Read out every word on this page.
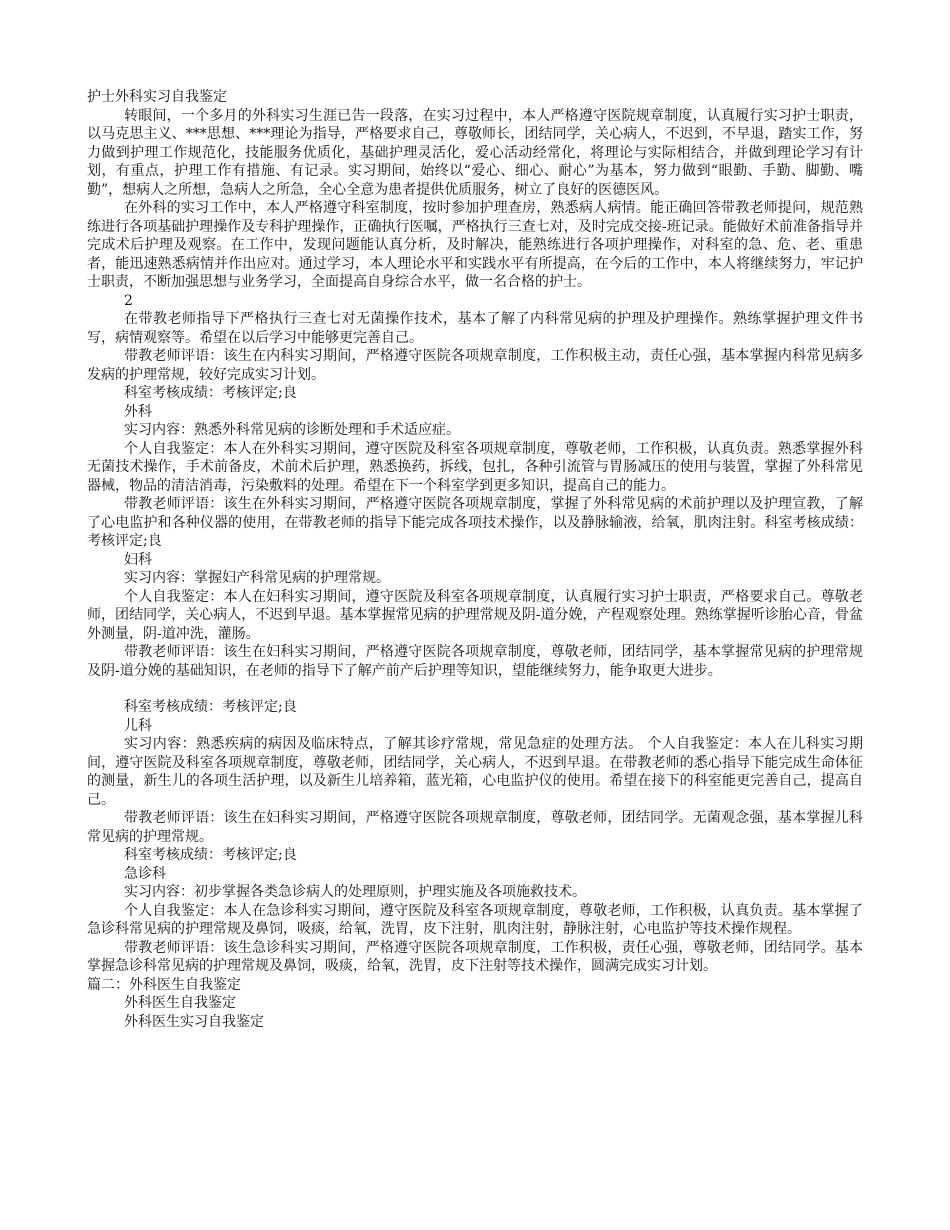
护士外科实习自我鉴定

转眼间，一个多月的外科实习生涯已告一段落，在实习过程中，本人严格遵守医院规章制度，认真履行实习护士职责，以马克思主义、***思想、***理论为指导，严格要求自己，尊敬师长，团结同学，关心病人，不迟到，不早退，踏实工作，努力做到护理工作规范化，技能服务优质化，基础护理灵活化，爱心活动经常化，将理论与实际相结合，并做到理论学习有计划，有重点，护理工作有措施、有记录。实习期间，始终以“爱心、细心、耐心”为基本，努力做到“眼勤、手勤、脚勤、嘴勤”，想病人之所想，急病人之所急，全心全意为患者提供优质服务，树立了良好的医德医风。

在外科的实习工作中，本人严格遵守科室制度，按时参加护理查房，熟悉病人病情。能正确回答带教老师提问，规范熟练进行各项基础护理操作及专科护理操作，正确执行医嘱，严格执行三查七对，及时完成交接-班记录。能做好术前准备指导并完成术后护理及观察。在工作中，发现问题能认真分析，及时解决，能熟练进行各项护理操作，对科室的急、危、老、重患者，能迅速熟悉病情并作出应对。通过学习，本人理论水平和实践水平有所提高，在今后的工作中，本人将继续努力，牢记护士职责，不断加强思想与业务学习，全面提高自身综合水平，做一名合格的护士。

2

在带教老师指导下严格执行三查七对无菌操作技术，基本了解了内科常见病的护理及护理操作。熟练掌握护理文件书写，病情观察等。希望在以后学习中能够更完善自己。

带教老师评语：该生在内科实习期间，严格遵守医院各项规章制度，工作积极主动，责任心强，基本掌握内科常见病多发病的护理常规，较好完成实习计划。

科室考核成绩：考核评定;良

外科

实习内容：熟悉外科常见病的诊断处理和手术适应症。

个人自我鉴定：本人在外科实习期间，遵守医院及科室各项规章制度，尊敬老师，工作积极，认真负责。熟悉掌握外科无菌技术操作，手术前备皮，术前术后护理，熟悉换药，拆线，包扎，各种引流管与胃肠减压的使用与装置，掌握了外科常见器械，物品的清洁消毒，污染敷料的处理。希望在下一个科室学到更多知识，提高自己的能力。

带教老师评语：该生在外科实习期间，严格遵守医院各项规章制度，掌握了外科常见病的术前护理以及护理宣教，了解了心电监护和各种仪器的使用，在带教老师的指导下能完成各项技术操作，以及静脉输液，给氧，肌肉注射。科室考核成绩：考核评定;良

妇科

实习内容：掌握妇产科常见病的护理常规。

个人自我鉴定：本人在妇科实习期间，遵守医院及科室各项规章制度，认真履行实习护士职责，严格要求自己。尊敬老师，团结同学，关心病人，不迟到早退。基本掌握常见病的护理常规及阴-道分娩，产程观察处理。熟练掌握听诊胎心音，骨盆外测量，阴-道冲洗，灌肠。

带教老师评语：该生在妇科实习期间，严格遵守医院各项规章制度，尊敬老师，团结同学，基本掌握常见病的护理常规及阴-道分娩的基础知识，在老师的指导下了解产前产后护理等知识，望能继续努力，能争取更大进步。

科室考核成绩：考核评定;良

儿科

实习内容：熟悉疾病的病因及临床特点，了解其诊疗常规，常见急症的处理方法。 个人自我鉴定：本人在儿科实习期间，遵守医院及科室各项规章制度，尊敬老师，团结同学，关心病人，不迟到早退。在带教老师的悉心指导下能完成生命体征的测量，新生儿的各项生活护理，以及新生儿培养箱，蓝光箱，心电监护仪的使用。希望在接下的科室能更完善自己，提高自己。

带教老师评语：该生在妇科实习期间，严格遵守医院各项规章制度，尊敬老师，团结同学。无菌观念强，基本掌握儿科常见病的护理常规。

科室考核成绩：考核评定;良

急诊科

实习内容：初步掌握各类急诊病人的处理原则，护理实施及各项施救技术。

个人自我鉴定：本人在急诊科实习期间，遵守医院及科室各项规章制度，尊敬老师，工作积极，认真负责。基本掌握了急诊科常见病的护理常规及鼻饲，吸痰，给氧，洗胃，皮下注射，肌肉注射，静脉注射，心电监护等技术操作规程。

带教老师评语：该生急诊科实习期间，严格遵守医院各项规章制度，工作积极，责任心强，尊敬老师，团结同学。基本掌握急诊科常见病的护理常规及鼻饲，吸痰，给氧，洗胃，皮下注射等技术操作，圆满完成实习计划。

篇二：外科医生自我鉴定

外科医生自我鉴定

外科医生实习自我鉴定
